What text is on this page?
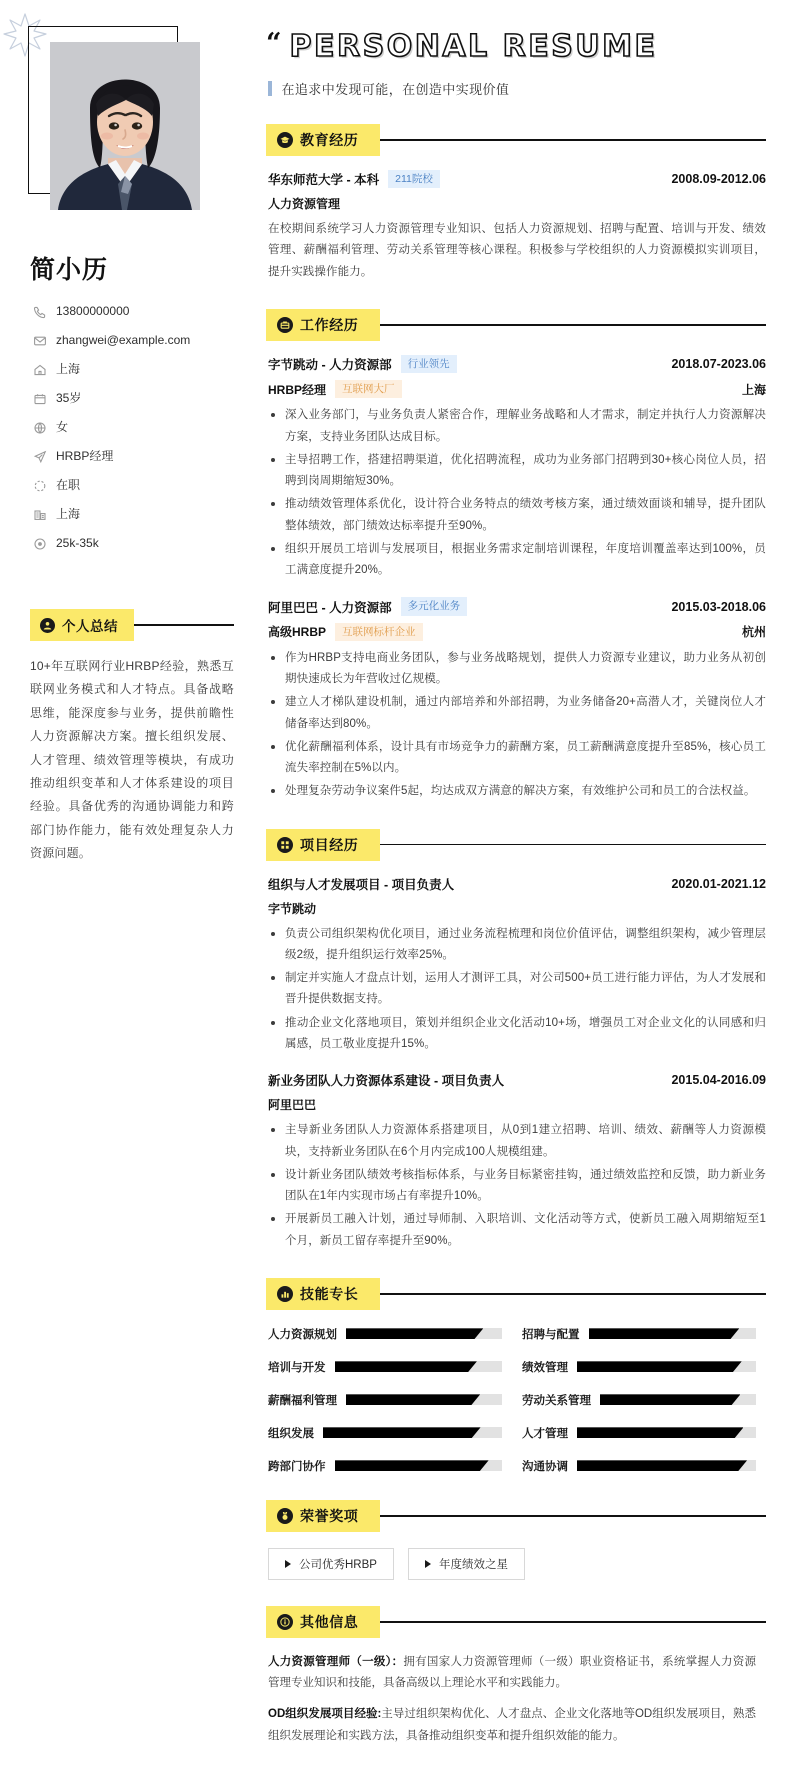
简小历
13800000000
zhangwei@example.com
上海
35岁
女
HRBP经理
在职
上海
25k-35k
个人总结

10+年互联网行业HRBP经验，熟悉互联网业务模式和人才特点。具备战略思维，能深度参与业务，提供前瞻性人力资源解决方案。擅长组织发展、人才管理、绩效管理等模块，有成功推动组织变革和人才体系建设的项目经验。具备优秀的沟通协调能力和跨部门协作能力，能有效处理复杂人力资源问题。

“ PERSONAL RESUME
在追求中发现可能，在创造中实现价值
教育经历
华东师范大学 - 本科	211院校	2008.09-2012.06
人力资源管理

在校期间系统学习人力资源管理专业知识、包括人力资源规划、招聘与配置、培训与开发、绩效管理、薪酬福利管理、劳动关系管理等核心课程。积极参与学校组织的人力资源模拟实训项目，提升实践操作能力。

工作经历
字节跳动 - 人力资源部	行业领先	2018.07-2023.06
HRBP经理	互联网大厂	上海
深入业务部门，与业务负责人紧密合作，理解业务战略和人才需求，制定并执行人力资源解决方案，支持业务团队达成目标。
主导招聘工作，搭建招聘渠道，优化招聘流程，成功为业务部门招聘到30+核心岗位人员，招聘到岗周期缩短30%。
推动绩效管理体系优化，设计符合业务特点的绩效考核方案，通过绩效面谈和辅导，提升团队整体绩效，部门绩效达标率提升至90%。
组织开展员工培训与发展项目，根据业务需求定制培训课程，年度培训覆盖率达到100%，员工满意度提升20%。
阿里巴巴 - 人力资源部	多元化业务	2015.03-2018.06
高级HRBP	互联网标杆企业	杭州
作为HRBP支持电商业务团队，参与业务战略规划，提供人力资源专业建议，助力业务从初创期快速成长为年营收过亿规模。
建立人才梯队建设机制，通过内部培养和外部招聘，为业务储备20+高潜人才，关键岗位人才储备率达到80%。
优化薪酬福利体系，设计具有市场竞争力的薪酬方案，员工薪酬满意度提升至85%，核心员工流失率控制在5%以内。
处理复杂劳动争议案件5起，均达成双方满意的解决方案，有效维护公司和员工的合法权益。
项目经历
组织与人才发展项目 - 项目负责人	2020.01-2021.12
字节跳动
负责公司组织架构优化项目，通过业务流程梳理和岗位价值评估，调整组织架构，减少管理层级2级，提升组织运行效率25%。
制定并实施人才盘点计划，运用人才测评工具，对公司500+员工进行能力评估，为人才发展和晋升提供数据支持。
推动企业文化落地项目，策划并组织企业文化活动10+场，增强员工对企业文化的认同感和归属感，员工敬业度提升15%。
新业务团队人力资源体系建设 - 项目负责人	2015.04-2016.09
阿里巴巴
主导新业务团队人力资源体系搭建项目，从0到1建立招聘、培训、绩效、薪酬等人力资源模块，支持新业务团队在6个月内完成100人规模组建。
设计新业务团队绩效考核指标体系，与业务目标紧密挂钩，通过绩效监控和反馈，助力新业务团队在1年内实现市场占有率提升10%。
开展新员工融入计划，通过导师制、入职培训、文化活动等方式，使新员工融入周期缩短至1个月，新员工留存率提升至90%。
技能专长
人力资源规划	招聘与配置
培训与开发	绩效管理
薪酬福利管理	劳动关系管理
组织发展	人才管理
跨部门协作	沟通协调
荣誉奖项
公司优秀HRBP	年度绩效之星
其他信息

人力资源管理师（一级）：拥有国家人力资源管理师（一级）职业资格证书，系统掌握人力资源管理专业知识和技能，具备高级以上理论水平和实践能力。

OD组织发展项目经验:主导过组织架构优化、人才盘点、企业文化落地等OD组织发展项目，熟悉组织发展理论和实践方法，具备推动组织变革和提升组织效能的能力。
